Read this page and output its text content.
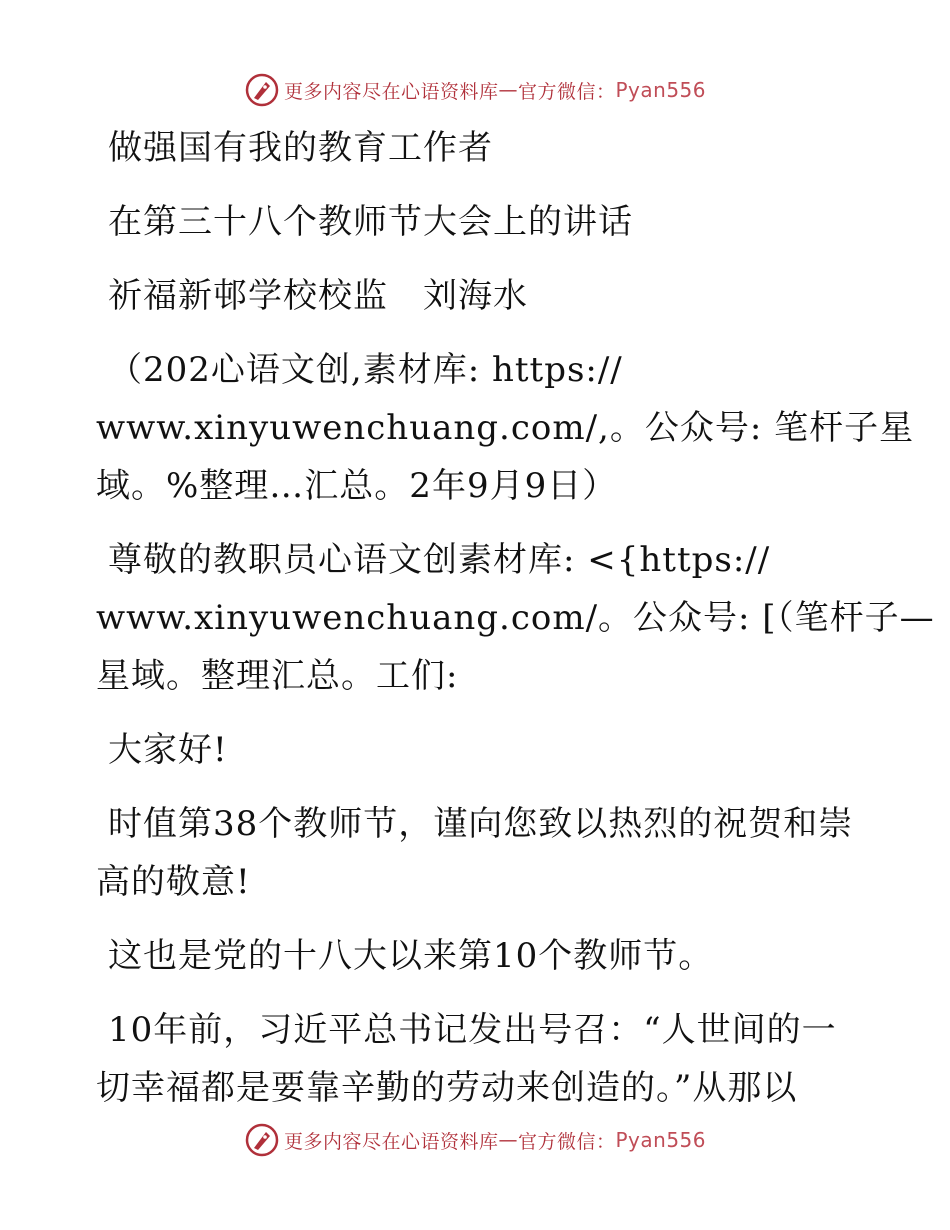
更多内容尽在心语资料库 — 官方微信： Pyan556
做强国有我的教育工作者
在第三十八个教师节大会上的讲话
祈福新邨学校校监　刘海水
（202心语文创,素材库: https://
www.xinyuwenchuang.com/,。公众号: 笔杆子星
域。%整理…汇总。2年9月9日）
尊敬的教职员心语文创素材库: <{https://
www.xinyuwenchuang.com/。公众号: [（笔杆子—
星域。整理汇总。工们:
大家好!
时值第38个教师节，谨向您致以热烈的祝贺和崇
高的敬意!
这也是党的十八大以来第10个教师节。
10年前，习近平总书记发出号召：“人世间的一
切幸福都是要靠辛勤的劳动来创造的。”从那以
更多内容尽在心语资料库 — 官方微信： Pyan556
